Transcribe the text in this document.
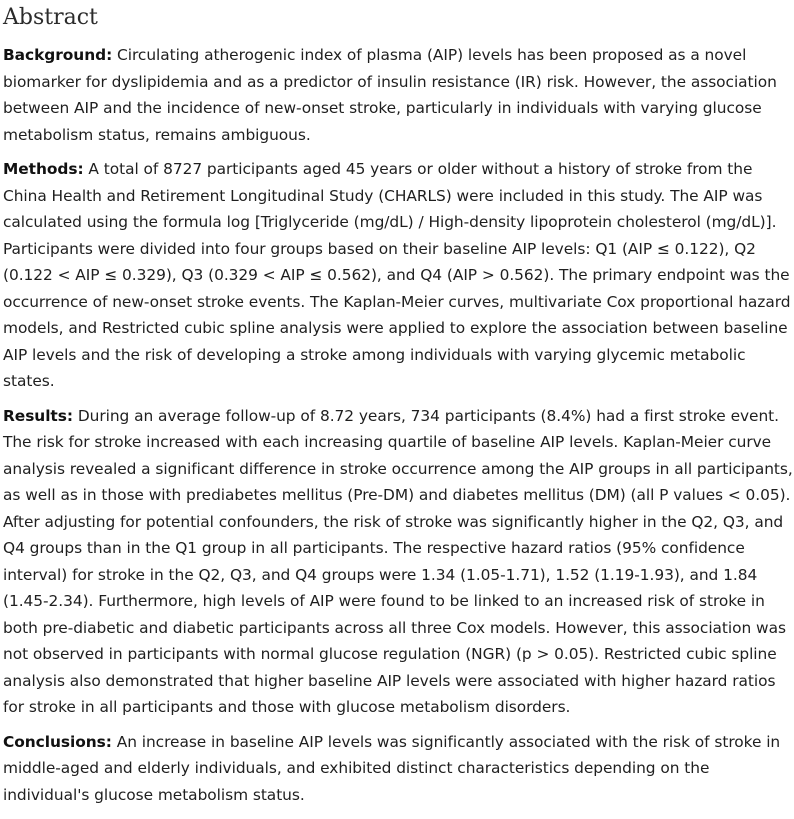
Abstract

Background: Circulating atherogenic index of plasma (AIP) levels has been proposed as a novel biomarker for dyslipidemia and as a predictor of insulin resistance (IR) risk. However, the association between AIP and the incidence of new-onset stroke, particularly in individuals with varying glucose metabolism status, remains ambiguous.

Methods: A total of 8727 participants aged 45 years or older without a history of stroke from the China Health and Retirement Longitudinal Study (CHARLS) were included in this study. The AIP was calculated using the formula log [Triglyceride (mg/dL) / High-density lipoprotein cholesterol (mg/dL)]. Participants were divided into four groups based on their baseline AIP levels: Q1 (AIP ≤ 0.122), Q2 (0.122 < AIP ≤ 0.329), Q3 (0.329 < AIP ≤ 0.562), and Q4 (AIP > 0.562). The primary endpoint was the occurrence of new-onset stroke events. The Kaplan-Meier curves, multivariate Cox proportional hazard models, and Restricted cubic spline analysis were applied to explore the association between baseline AIP levels and the risk of developing a stroke among individuals with varying glycemic metabolic states.

Results: During an average follow-up of 8.72 years, 734 participants (8.4%) had a first stroke event. The risk for stroke increased with each increasing quartile of baseline AIP levels. Kaplan-Meier curve analysis revealed a significant difference in stroke occurrence among the AIP groups in all participants, as well as in those with prediabetes mellitus (Pre-DM) and diabetes mellitus (DM) (all P values < 0.05). After adjusting for potential confounders, the risk of stroke was significantly higher in the Q2, Q3, and Q4 groups than in the Q1 group in all participants. The respective hazard ratios (95% confidence interval) for stroke in the Q2, Q3, and Q4 groups were 1.34 (1.05-1.71), 1.52 (1.19-1.93), and 1.84 (1.45-2.34). Furthermore, high levels of AIP were found to be linked to an increased risk of stroke in both pre-diabetic and diabetic participants across all three Cox models. However, this association was not observed in participants with normal glucose regulation (NGR) (p > 0.05). Restricted cubic spline analysis also demonstrated that higher baseline AIP levels were associated with higher hazard ratios for stroke in all participants and those with glucose metabolism disorders.

Conclusions: An increase in baseline AIP levels was significantly associated with the risk of stroke in middle-aged and elderly individuals, and exhibited distinct characteristics depending on the individual's glucose metabolism status.
